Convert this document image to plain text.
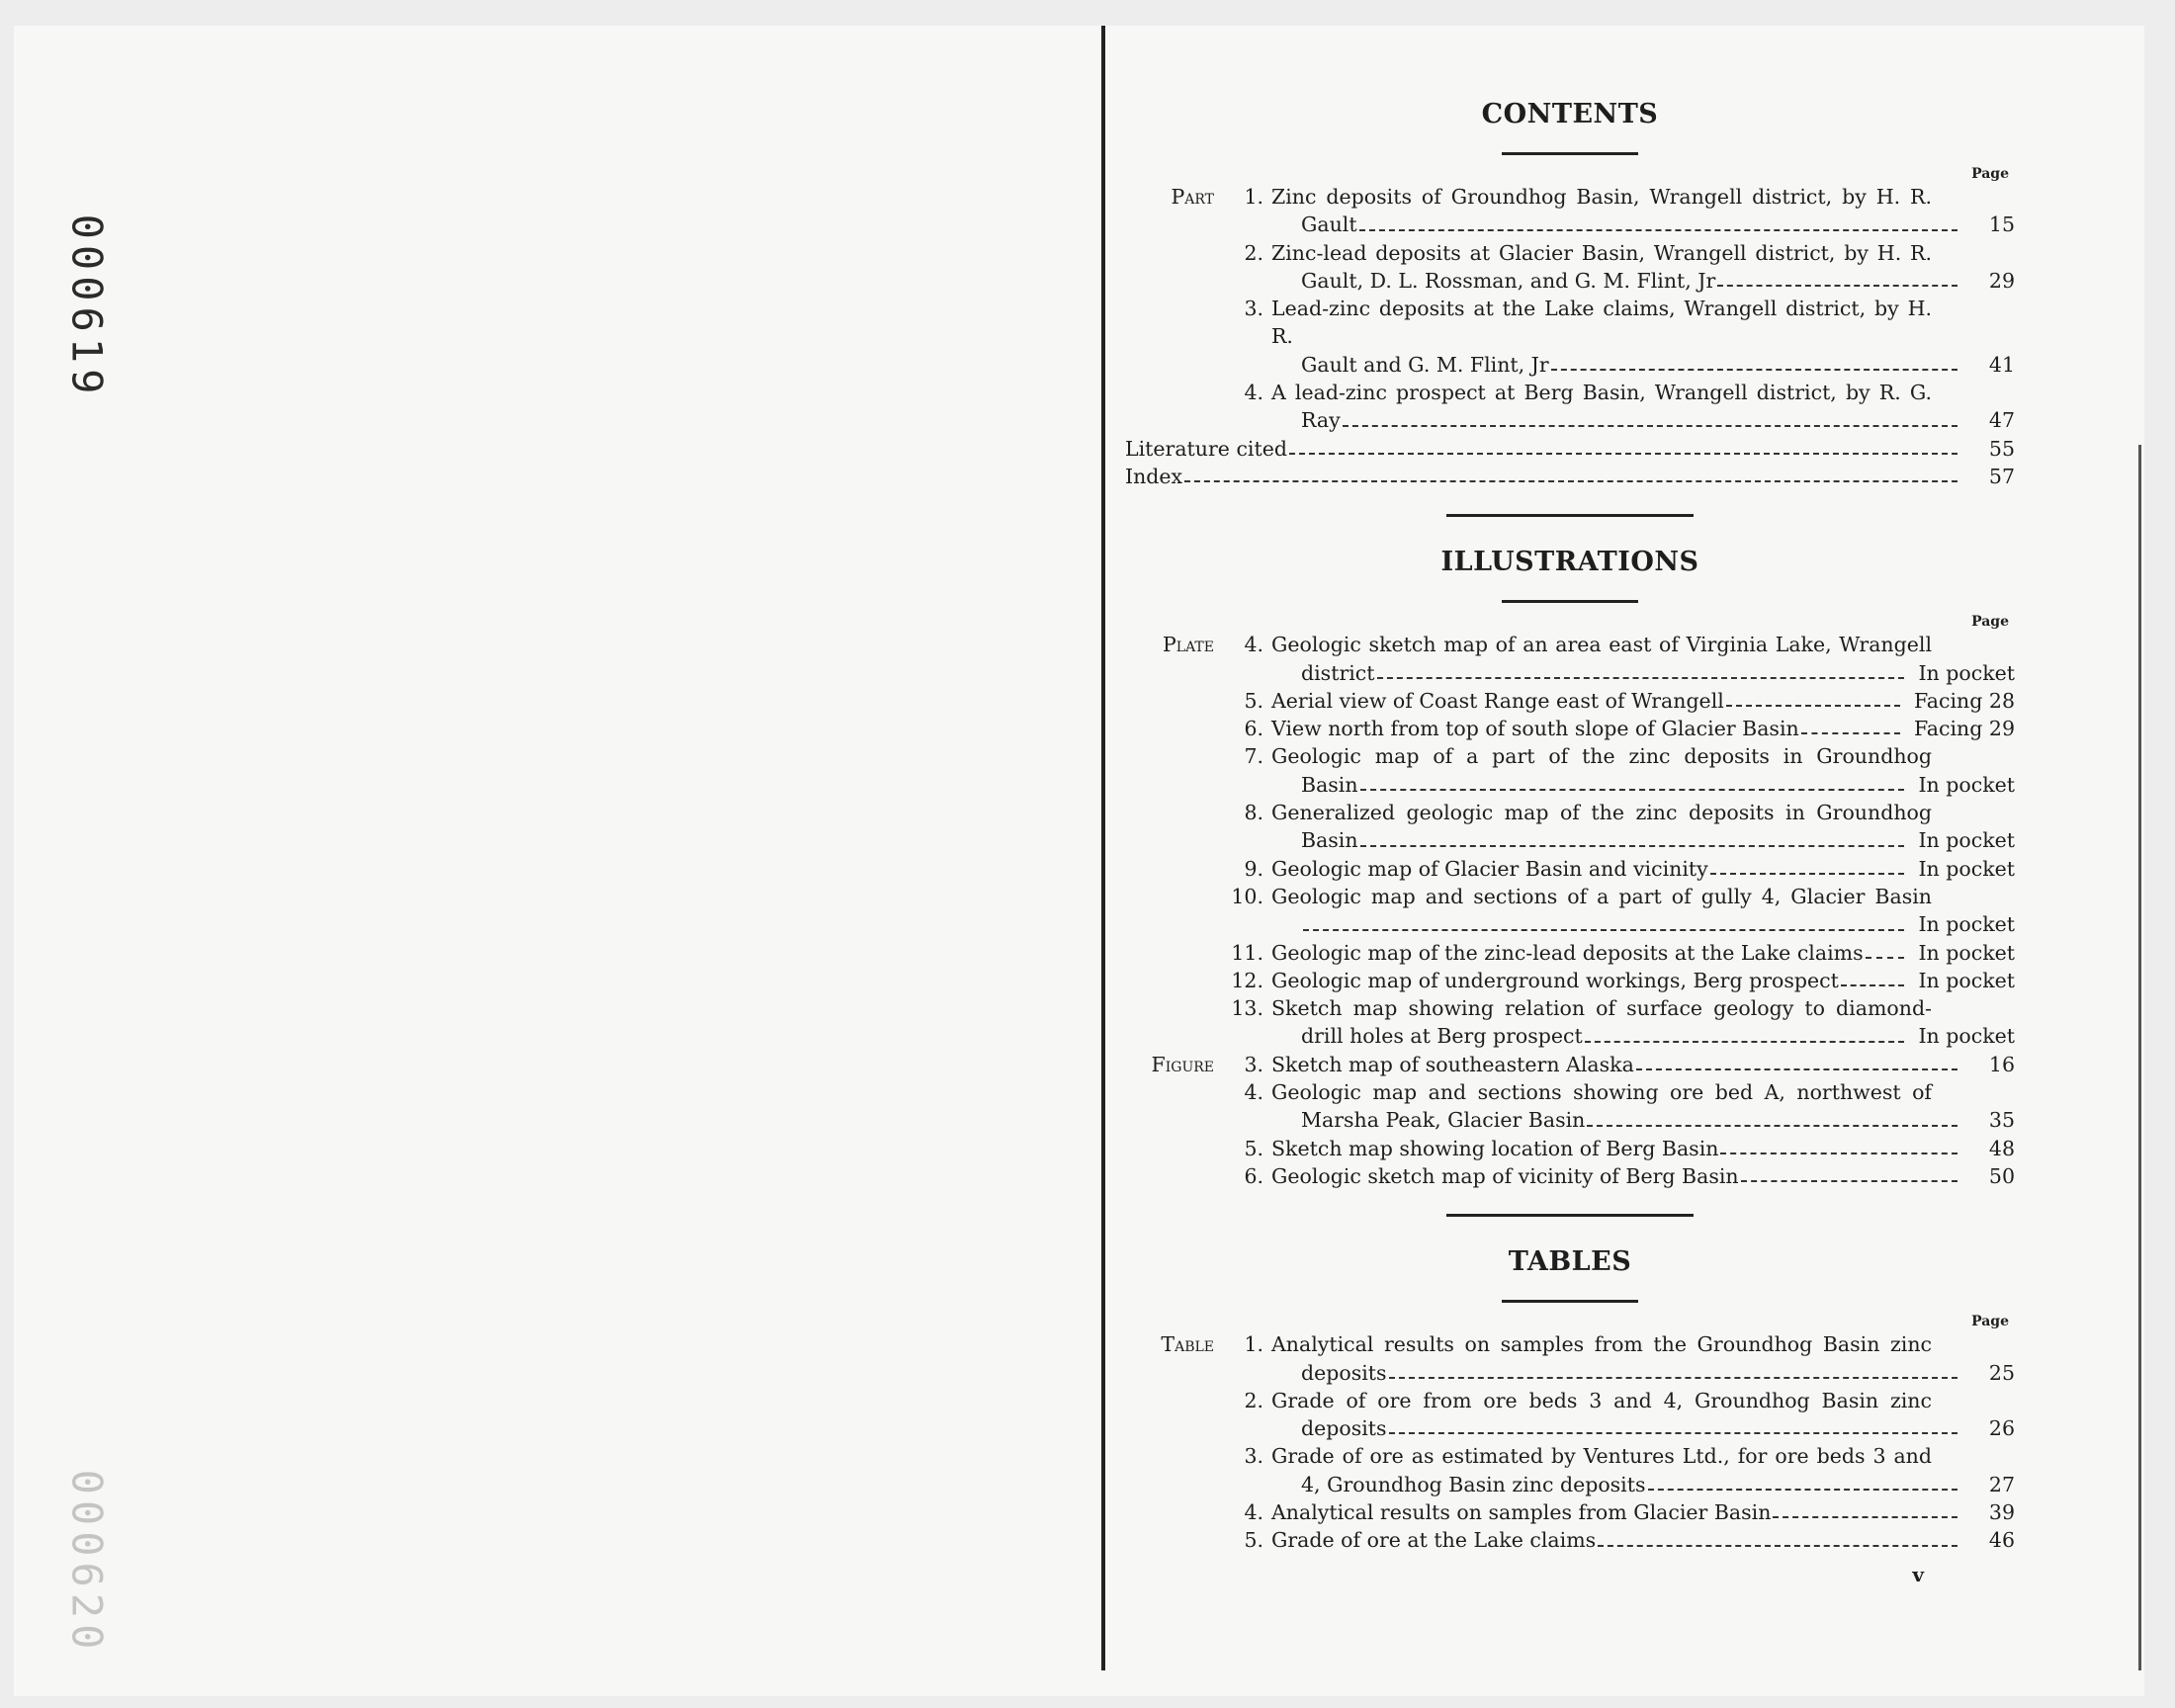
000619
000620
CONTENTS
Page
Part	1. Zinc deposits of Groundhog Basin, Wrangell district, by H. R.
Gault	15
2. Zinc-lead deposits at Glacier Basin, Wrangell district, by H. R.
Gault, D. L. Rossman, and G. M. Flint, Jr	29
3. Lead-zinc deposits at the Lake claims, Wrangell district, by H. R.
Gault and G. M. Flint, Jr	41
4. A lead-zinc prospect at Berg Basin, Wrangell district, by R. G.
Ray	47
Literature cited	55
Index	57
ILLUSTRATIONS
Page
Plate	4. Geologic sketch map of an area east of Virginia Lake, Wrangell
district	In pocket
5. Aerial view of Coast Range east of Wrangell	Facing 28
6. View north from top of south slope of Glacier Basin	Facing 29
7. Geologic map of a part of the zinc deposits in Groundhog
Basin	In pocket
8. Generalized geologic map of the zinc deposits in Groundhog
Basin	In pocket
9. Geologic map of Glacier Basin and vicinity	In pocket
10. Geologic map and sections of a part of gully 4, Glacier Basin
In pocket
11. Geologic map of the zinc-lead deposits at the Lake claims	In pocket
12. Geologic map of underground workings, Berg prospect	In pocket
13. Sketch map showing relation of surface geology to diamond-
drill holes at Berg prospect	In pocket
Figure	3. Sketch map of southeastern Alaska	16
4. Geologic map and sections showing ore bed A, northwest of
Marsha Peak, Glacier Basin	35
5. Sketch map showing location of Berg Basin	48
6. Geologic sketch map of vicinity of Berg Basin	50
TABLES
Page
Table	1. Analytical results on samples from the Groundhog Basin zinc
deposits	25
2. Grade of ore from ore beds 3 and 4, Groundhog Basin zinc
deposits	26
3. Grade of ore as estimated by Ventures Ltd., for ore beds 3 and
4, Groundhog Basin zinc deposits	27
4. Analytical results on samples from Glacier Basin	39
5. Grade of ore at the Lake claims	46
v
